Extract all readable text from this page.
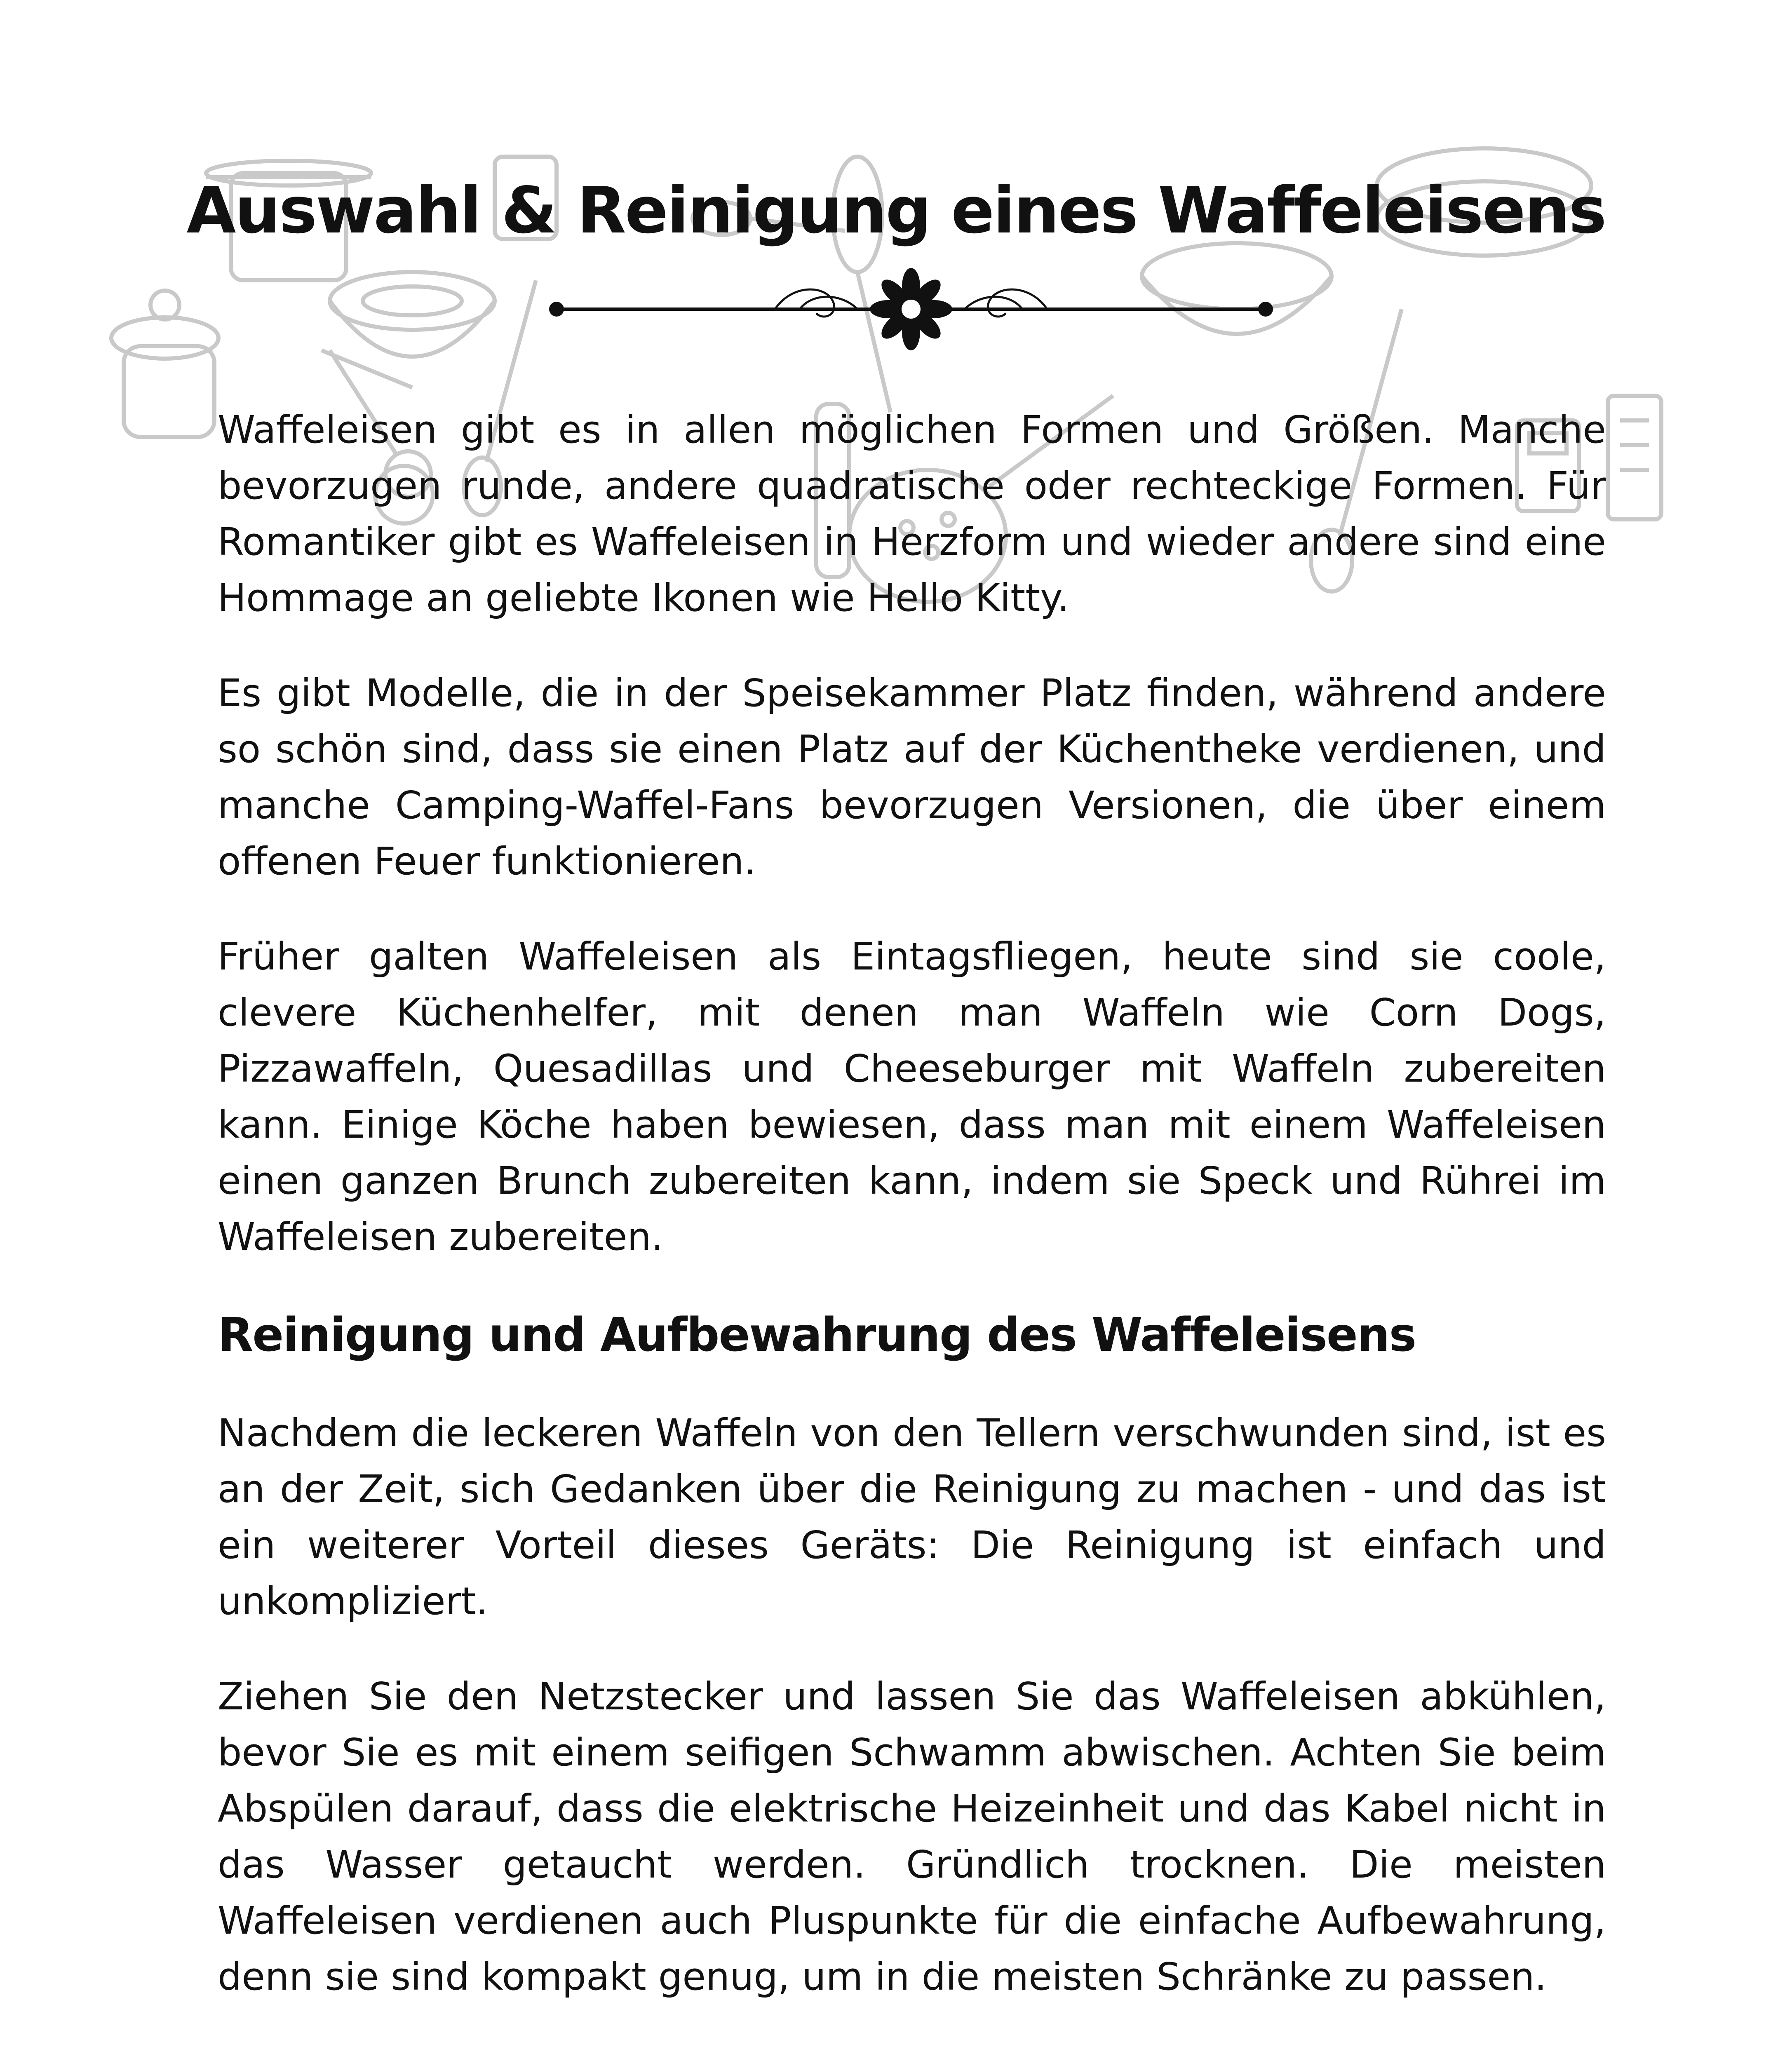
Auswahl & Reinigung eines Waffeleisens

Waffeleisen gibt es in allen möglichen Formen und Größen. Manche bevorzugen runde, andere quadratische oder rechteckige Formen. Für Romantiker gibt es Waffeleisen in Herzform und wieder andere sind eine Hommage an geliebte Ikonen wie Hello Kitty.

Es gibt Modelle, die in der Speisekammer Platz finden, während andere so schön sind, dass sie einen Platz auf der Küchentheke verdienen, und manche Camping-Waffel-Fans bevorzugen Versionen, die über einem offenen Feuer funktionieren.

Früher galten Waffeleisen als Eintagsfliegen, heute sind sie coole, clevere Küchenhelfer, mit denen man Waffeln wie Corn Dogs, Pizzawaffeln, Quesadillas und Cheeseburger mit Waffeln zubereiten kann. Einige Köche haben bewiesen, dass man mit einem Waffeleisen einen ganzen Brunch zubereiten kann, indem sie Speck und Rührei im Waffeleisen zubereiten.

Reinigung und Aufbewahrung des Waffeleisens

Nachdem die leckeren Waffeln von den Tellern verschwunden sind, ist es an der Zeit, sich Gedanken über die Reinigung zu machen - und das ist ein weiterer Vorteil dieses Geräts: Die Reinigung ist einfach und unkompliziert.

Ziehen Sie den Netzstecker und lassen Sie das Waffeleisen abkühlen, bevor Sie es mit einem seifigen Schwamm abwischen. Achten Sie beim Abspülen darauf, dass die elektrische Heizeinheit und das Kabel nicht in das Wasser getaucht werden. Gründlich trocknen. Die meisten Waffeleisen verdienen auch Pluspunkte für die einfache Aufbewahrung, denn sie sind kompakt genug, um in die meisten Schränke zu passen.
